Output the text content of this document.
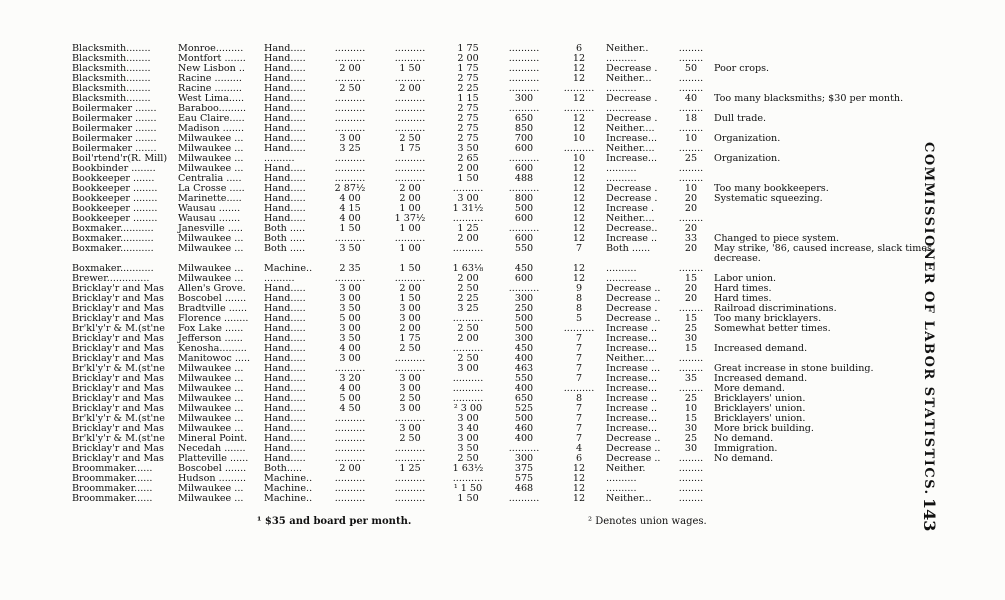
Blacksmith........	Monroe.........	Hand.....	..........	..........	1 75	..........	6	Neither..	........	
Blacksmith........	Montfort .......	Hand.....	..........	..........	2 00	..........	12	..........	........	
Blacksmith........	New Lisbon ..	Hand.....	2 00	1 50	1 75	..........	12	Decrease .	50	Poor crops.
Blacksmith........	Racine .........	Hand.....	..........	..........	2 75	..........	12	Neither...	........	
Blacksmith........	Racine .........	Hand.....	2 50	2 00	2 25	..........	..........	..........	........	
Blacksmith........	West Lima.....	Hand.....	..........	..........	1 15	300	12	Decrease .	40	Too many blacksmiths; $30 per month.
Boilermaker .......	Baraboo.........	Hand.....	..........	..........	2 75	..........	..........	..........	........	
Boilermaker .......	Eau Claire.....	Hand.....	..........	..........	2 75	650	12	Decrease .	18	Dull trade.
Boilermaker .......	Madison .......	Hand.....	..........	..........	2 75	850	12	Neither....	........	
Boilermaker .......	Milwaukee ...	Hand.....	3 00	2 50	2 75	700	10	Increase...	10	Organization.
Boilermaker .......	Milwaukee ...	Hand.....	3 25	1 75	3 50	600	..........	Neither....	........	
Boil'rtend'r(R. Mill)	Milwaukee ...	..........	..........	..........	2 65	..........	10	Increase...	25	Organization.
Bookbinder ........	Milwaukee ...	Hand.....	..........	..........	2 00	600	12	..........	........	
Bookkeeper .......	Centralia .....	Hand.....	..........	..........	1 50	488	12	..........	........	
Bookkeeper ........	La Crosse .....	Hand.....	2 87½	2 00	..........	..........	12	Decrease .	10	Too many bookkeepers.
Bookkeeper ........	Marinette.....	Hand.....	4 00	2 00	3 00	800	12	Decrease .	20	Systematic squeezing.
Bookkeeper ........	Wausau .......	Hand.....	4 15	1 00	1 31½	500	12	Increase .	20	
Bookkeeper ........	Wausau .......	Hand.....	4 00	1 37½	..........	600	12	Neither....	........	
Boxmaker...........	Janesville .....	Both .....	1 50	1 00	1 25	..........	12	Decrease..	20	
Boxmaker...........	Milwaukee ...	Both .....	..........	..........	2 00	600	12	Increase ..	33	Changed to piece system.
Boxmaker...........	Milwaukee ...	Both .....	3 50	1 00	..........	550	7	Both ......	20	May strike, '86, caused increase, slack times decrease.
Boxmaker...........	Milwaukee ...	Machine..	2 35	1 50	1 63⅛	450	12	..........	........	
Brewer..............	Milwaukee ...	..........	..........	..........	2 00	600	12	..........	15	Labor union.
Bricklay'r and Mas	Allen's Grove.	Hand.....	3 00	2 00	2 50	..........	9	Decrease ..	20	Hard times.
Bricklay'r and Mas	Boscobel .......	Hand.....	3 00	1 50	2 25	300	8	Decrease ..	20	Hard times.
Bricklay'r and Mas	Bradtville ......	Hand.....	3 50	3 00	3 25	250	8	Decrease .	........	Railroad discriminations.
Bricklay'r and Mas	Florence ........	Hand.....	5 00	3 00	..........	500	5	Decrease ..	15	Too many bricklayers.
Br'kl'y'r & M.(st'ne	Fox Lake ......	Hand.....	3 00	2 00	2 50	500	..........	Increase ..	25	Somewhat better times.
Bricklay'r and Mas	Jefferson ......	Hand.....	3 50	1 75	2 00	300	7	Increase...	30	
Bricklay'r and Mas	Kenosha.........	Hand.....	4 00	2 50	..........	450	7	Increase...	15	Increased demand.
Bricklay'r and Mas	Manitowoc .....	Hand.....	3 00	..........	2 50	400	7	Neither....	........	
Br'kl'y'r & M.(st'ne	Milwaukee ...	Hand.....	..........	..........	3 00	463	7	Increase ...	........	Great increase in stone building.
Bricklay'r and Mas	Milwaukee ...	Hand.....	3 20	3 00	..........	550	7	Increase...	35	Increased demand.
Bricklay'r and Mas	Milwaukee ...	Hand.....	4 00	3 00	..........	400	..........	Increase...	........	More demand.
Bricklay'r and Mas	Milwaukee ...	Hand.....	5 00	2 50	..........	650	8	Increase ..	25	Bricklayers' union.
Bricklay'r and Mas	Milwaukee ...	Hand.....	4 50	3 00	² 3 00	525	7	Increase ..	10	Bricklayers' union.
Br'kl'y'r & M.(st'ne	Milwaukee ...	Hand.....	..........	..........	3 00	500	7	Increase...	15	Bricklayers' union.
Bricklay'r and Mas	Milwaukee ...	Hand.....	..........	3 00	3 40	460	7	Increase...	30	More brick building.
Br'kl'y'r & M.(st'ne	Mineral Point.	Hand.....	..........	2 50	3 00	400	7	Decrease ..	25	No demand.
Bricklay'r and Mas	Necedah .......	Hand.....	..........	..........	3 50	..........	4	Decrease ..	30	Immigration.
Bricklay'r and Mas	Platteville ......	Hand.....	..........	..........	2 50	300	6	Decrease ..	........	No demand.
Broommaker......	Boscobel .......	Both.....	2 00	1 25	1 63½	375	12	Neither.	........	
Broommaker......	Hudson .........	Machine..	..........	..........	..........	575	12	..........	........	
Broommaker......	Milwaukee ...	Machine..	..........	..........	¹ 1 50	468	12	..........	........	
Broommaker......	Milwaukee ...	Machine..	..........	..........	1 50	..........	12	Neither...	........	
¹ $35 and board per month.	² Denotes union wages.
COMMISSIONER OF LABOR STATISTICS.
143
